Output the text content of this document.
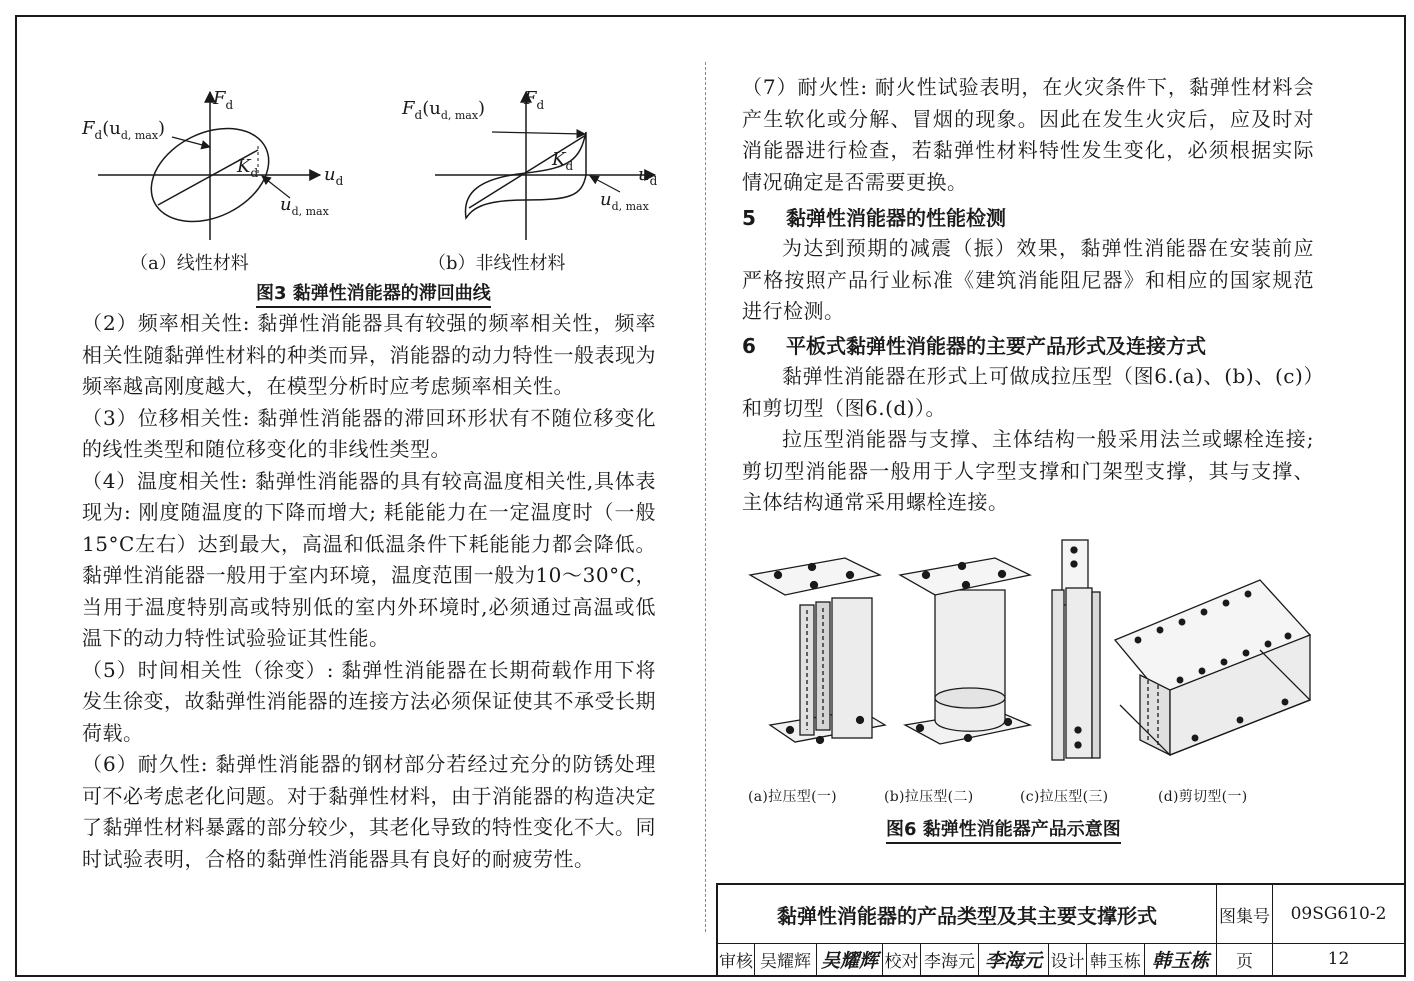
$F_d$
$F_d(u_{d, max})$
$K_d$	$u_d$
$u_{d, max}$
$F_d$
$F_d(u_{d, max})$
$K_d$	$u_d$
$u_{d, max}$
（a）线性材料	（b）非线性材料
图3 黏弹性消能器的滞回曲线

（2）频率相关性: 黏弹性消能器具有较强的频率相关性，频率相关性随黏弹性材料的种类而异，消能器的动力特性一般表现为频率越高刚度越大，在模型分析时应考虑频率相关性。

（3）位移相关性: 黏弹性消能器的滞回环形状有不随位移变化的线性类型和随位移变化的非线性类型。

（4）温度相关性: 黏弹性消能器的具有较高温度相关性,具体表现为: 刚度随温度的下降而增大; 耗能能力在一定温度时（一般15°C左右）达到最大，高温和低温条件下耗能能力都会降低。黏弹性消能器一般用于室内环境，温度范围一般为10～30°C，当用于温度特别高或特别低的室内外环境时,必须通过高温或低温下的动力特性试验验证其性能。

（5）时间相关性（徐变）: 黏弹性消能器在长期荷载作用下将发生徐变，故黏弹性消能器的连接方法必须保证使其不承受长期荷载。

（6）耐久性: 黏弹性消能器的钢材部分若经过充分的防锈处理可不必考虑老化问题。对于黏弹性材料，由于消能器的构造决定了黏弹性材料暴露的部分较少，其老化导致的特性变化不大。同时试验表明，合格的黏弹性消能器具有良好的耐疲劳性。

（7）耐火性: 耐火性试验表明，在火灾条件下，黏弹性材料会产生软化或分解、冒烟的现象。因此在发生火灾后，应及时对消能器进行检查，若黏弹性材料特性发生变化，必须根据实际情况确定是否需要更换。

5 黏弹性消能器的性能检测

为达到预期的减震（振）效果，黏弹性消能器在安装前应严格按照产品行业标准《建筑消能阻尼器》和相应的国家规范进行检测。

6 平板式黏弹性消能器的主要产品形式及连接方式

黏弹性消能器在形式上可做成拉压型（图6.(a)、(b)、(c)）和剪切型（图6.(d)）。

拉压型消能器与支撑、主体结构一般采用法兰或螺栓连接; 剪切型消能器一般用于人字型支撑和门架型支撑，其与支撑、主体结构通常采用螺栓连接。

(a)拉压型(一)	(b)拉压型(二)	(c)拉压型(三)	(d)剪切型(一)
图6 黏弹性消能器产品示意图
黏弹性消能器的产品类型及其主要支撑形式	图集号	09SG610-2
审核 吴耀辉 吴耀辉 校对 李海元 李海元 设计 韩玉栋 韩玉栋	页	12
